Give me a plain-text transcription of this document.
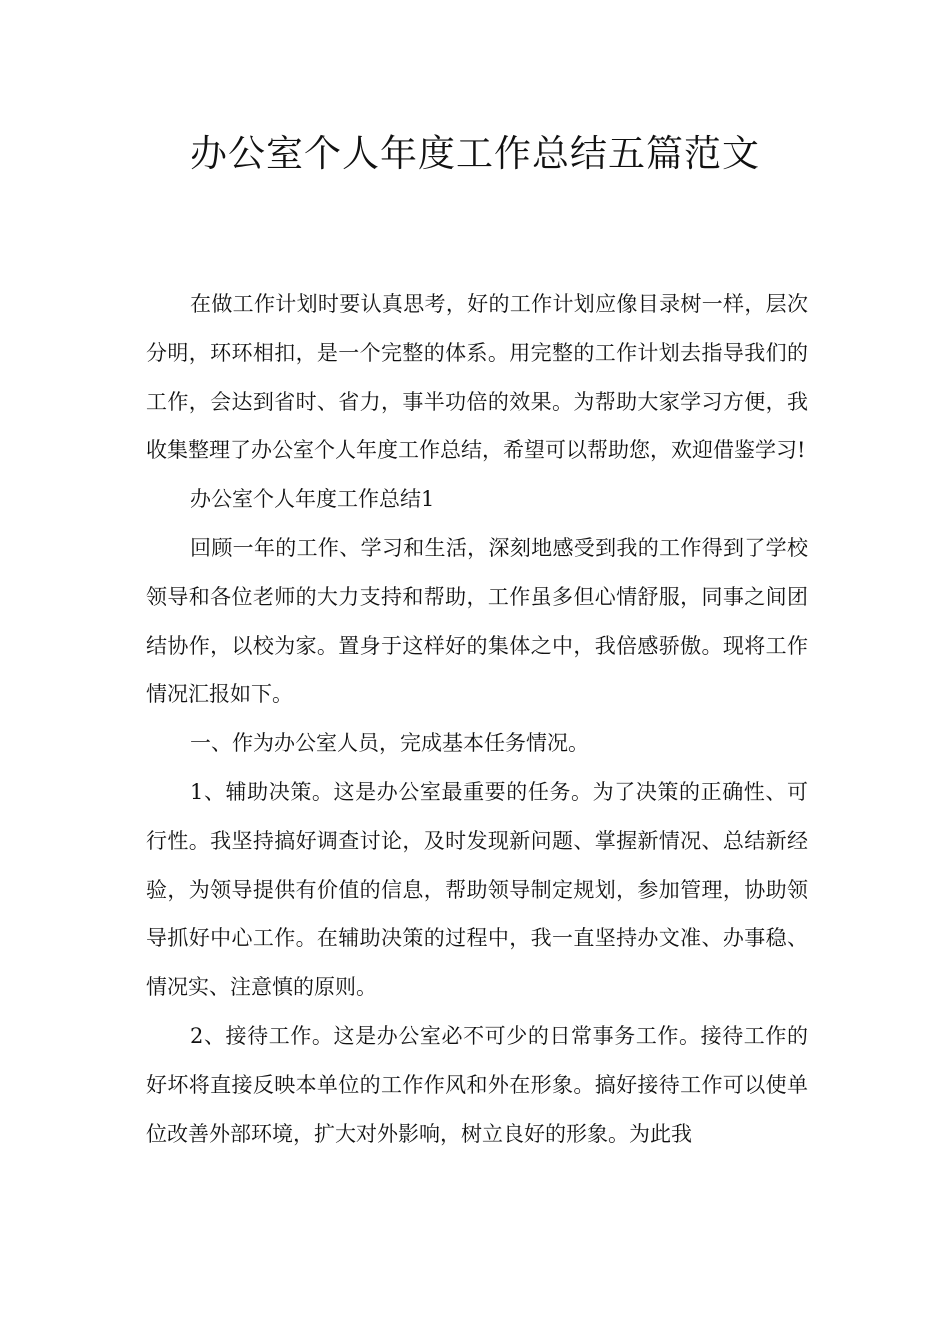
办公室个人年度工作总结五篇范文

在做工作计划时要认真思考，好的工作计划应像目录树一样，层次分明，环环相扣，是一个完整的体系。用完整的工作计划去指导我们的工作，会达到省时、省力，事半功倍的效果。为帮助大家学习方便，我收集整理了办公室个人年度工作总结，希望可以帮助您，欢迎借鉴学习!

办公室个人年度工作总结1

回顾一年的工作、学习和生活，深刻地感受到我的工作得到了学校领导和各位老师的大力支持和帮助，工作虽多但心情舒服，同事之间团结协作，以校为家。置身于这样好的集体之中，我倍感骄傲。现将工作情况汇报如下。

一、作为办公室人员，完成基本任务情况。

1、辅助决策。这是办公室最重要的任务。为了决策的正确性、可行性。我坚持搞好调查讨论，及时发现新问题、掌握新情况、总结新经验，为领导提供有价值的信息，帮助领导制定规划，参加管理，协助领导抓好中心工作。在辅助决策的过程中，我一直坚持办文准、办事稳、情况实、注意慎的原则。

2、接待工作。这是办公室必不可少的日常事务工作。接待工作的好坏将直接反映本单位的工作作风和外在形象。搞好接待工作可以使单位改善外部环境，扩大对外影响，树立良好的形象。为此我
